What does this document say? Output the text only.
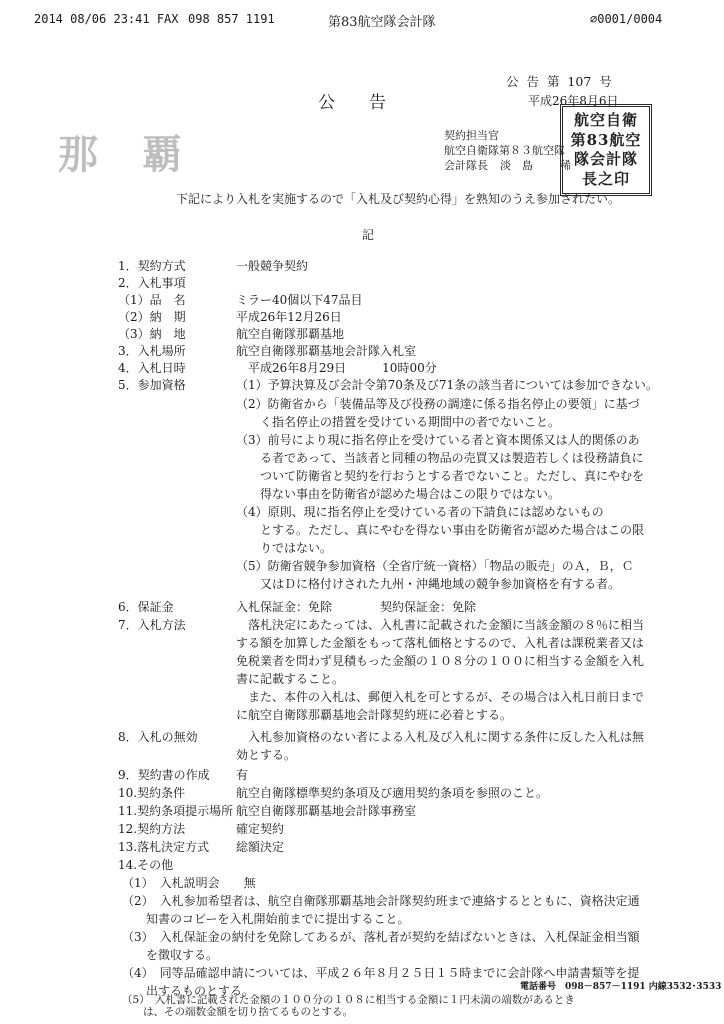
2014 08/06 23:41 FAX 098 857 1191	第83航空隊会計隊	⌀0001/0004
公 告 第 107 号
平成26年8月6日
公告
那覇	契約担当官
航空自衛隊第８３航空隊
会計隊長 淡　島 稀
航空自衛
第83航空
隊会計隊
長之印
下記により入札を実施するので「入札及び契約心得」を熟知のうえ参加されたい。
記
1．契約方式	一般競争契約
2．入札事項
（1）品　名	ミラー40個以下47品目
（2）納　期	平成26年12月26日
（3）納　地	航空自衛隊那覇基地
3．入札場所	航空自衛隊那覇基地会計隊入札室
4．入札日時	　平成26年8月29日　　　10時00分
5．参加資格	（1）予算決算及び会計令第70条及び71条の該当者については参加できない。
（2）防衛省から「装備品等及び役務の調達に係る指名停止の要領」に基づ
　　く指名停止の措置を受けている期間中の者でないこと。
（3）前号により現に指名停止を受けている者と資本関係又は人的関係のあ
　　る者であって、当該者と同種の物品の売買又は製造若しくは役務請負に
　　ついて防衛省と契約を行おうとする者でないこと。ただし、真にやむを
　　得ない事由を防衛省が認めた場合はこの限りではない。
（4）原則、現に指名停止を受けている者の下請負には認めないもの
　　とする。ただし、真にやむを得ない事由を防衛省が認めた場合はこの限
　　りではない。
（5）防衛省競争参加資格（全省庁統一資格）「物品の販売」のＡ，Ｂ，Ｃ
　　又はＤに格付けされた九州・沖縄地域の競争参加資格を有する者。
6．保証金	入札保証金：免除　　　　契約保証金：免除
7．入札方法	　落札決定にあたっては、入札書に記載された金額に当該金額の８％に相当
する額を加算した金額をもって落札価格とするので、入札者は課税業者又は
免税業者を問わず見積もった金額の１０８分の１００に相当する金額を入札
書に記載すること。
　また、本件の入札は、郵便入札を可とするが、その場合は入札日前日まで
に航空自衛隊那覇基地会計隊契約班に必着とする。
8．入札の無効	　入札参加資格のない者による入札及び入札に関する条件に反した入札は無
効とする。
9．契約書の作成 有
10.契約条件	航空自衛隊標準契約条項及び適用契約条項を参照のこと。
11.契約条項提示場所 航空自衛隊那覇基地会計隊事務室
12.契約方法	確定契約
13.落札決定方式 総額決定
14.その他
（1）　入札説明会　　無
（2）　入札参加希望者は、航空自衛隊那覇基地会計隊契約班まで連絡するとともに、資格決定通
　　知書のコピーを入札開始前までに提出すること。
（3）　入札保証金の納付を免除してあるが、落札者が契約を結ばないときは、入札保証金相当額
　　を徴収する。
（4）　同等品確認申請については、平成２６年８月２５日１５時までに会計隊へ申請書類等を提
　　出するものとする。
（5）　入札書に記載された金額の１００分の１０８に相当する金額に１円未満の端数があるとき
　　は、その端数金額を切り捨てるものとする。
電話番号　098－857－1191 内線3532･3533
